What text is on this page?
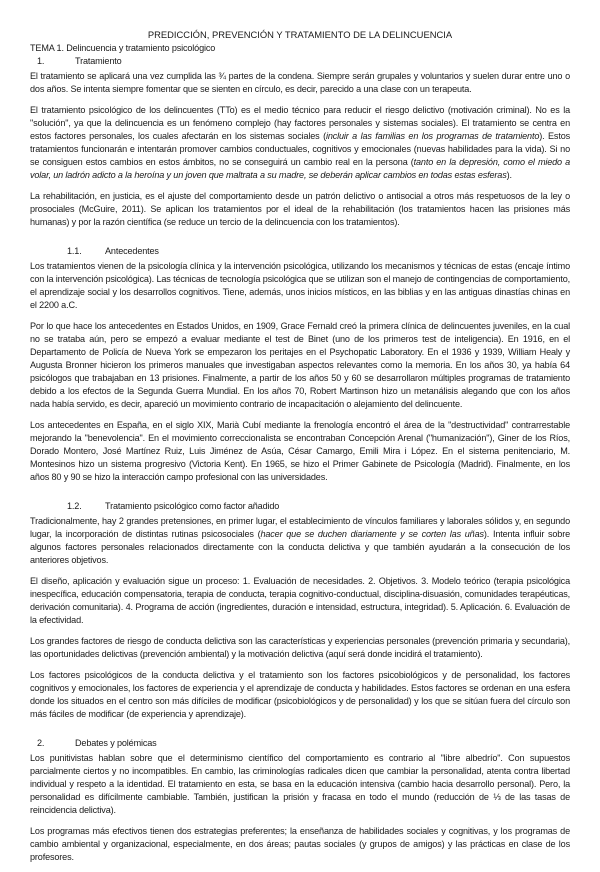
PREDICCIÓN, PREVENCIÓN Y TRATAMIENTO DE LA DELINCUENCIA
TEMA 1. Delincuencia y tratamiento psicológico
1.	Tratamiento

El tratamiento se aplicará una vez cumplida las ¾ partes de la condena. Siempre serán grupales y voluntarios y suelen durar entre uno o dos años. Se intenta siempre fomentar que se sienten en círculo, es decir, parecido a una clase con un terapeuta.

El tratamiento psicológico de los delincuentes (TTo) es el medio técnico para reducir el riesgo delictivo (motivación criminal). No es la "solución", ya que la delincuencia es un fenómeno complejo (hay factores personales y sistemas sociales). El tratamiento se centra en estos factores personales, los cuales afectarán en los sistemas sociales (incluir a las familias en los programas de tratamiento). Estos tratamientos funcionarán e intentarán promover cambios conductuales, cognitivos y emocionales (nuevas habilidades para la vida). Si no se consiguen estos cambios en estos ámbitos, no se conseguirá un cambio real en la persona (tanto en la depresión, como el miedo a volar, un ladrón adicto a la heroína y un joven que maltrata a su madre, se deberán aplicar cambios en todas estas esferas).

La rehabilitación, en justicia, es el ajuste del comportamiento desde un patrón delictivo o antisocial a otros más respetuosos de la ley o prosociales (McGuire, 2011). Se aplican los tratamientos por el ideal de la rehabilitación (los tratamientos hacen las prisiones más humanas) y por la razón científica (se reduce un tercio de la delincuencia con los tratamientos).

1.1.	Antecedentes

Los tratamientos vienen de la psicología clínica y la intervención psicológica, utilizando los mecanismos y técnicas de estas (encaje íntimo con la intervención psicológica). Las técnicas de tecnología psicológica que se utilizan son el manejo de contingencias de comportamiento, el aprendizaje social y los desarrollos cognitivos. Tiene, además, unos inicios místicos, en las biblias y en las antiguas dinastías chinas en el 2200 a.C.

Por lo que hace los antecedentes en Estados Unidos, en 1909, Grace Fernald creó la primera clínica de delincuentes juveniles, en la cual no se trataba aún, pero se empezó a evaluar mediante el test de Binet (uno de los primeros test de inteligencia). En 1916, en el Departamento de Policía de Nueva York se empezaron los peritajes en el Psychopatic Laboratory. En el 1936 y 1939, William Healy y Augusta Bronner hicieron los primeros manuales que investigaban aspectos relevantes como la memoria. En los años 30, ya había 64 psicólogos que trabajaban en 13 prisiones. Finalmente, a partir de los años 50 y 60 se desarrollaron múltiples programas de tratamiento debido a los efectos de la Segunda Guerra Mundial. En los años 70, Robert Martinson hizo un metanálisis alegando que con los años nada había servido, es decir, apareció un movimiento contrario de incapacitación o alejamiento del delincuente.

Los antecedentes en España, en el siglo XIX, Marià Cubí mediante la frenología encontró el área de la "destructividad" contrarrestable mejorando la "benevolencia". En el movimiento correccionalista se encontraban Concepción Arenal ("humanización"), Giner de los Ríos, Dorado Montero, José Martínez Ruiz, Luis Jiménez de Asúa, César Camargo, Emili Mira i López. En el sistema penitenciario, M. Montesinos hizo un sistema progresivo (Victoria Kent). En 1965, se hizo el Primer Gabinete de Psicología (Madrid). Finalmente, en los años 80 y 90 se hizo la interacción campo profesional con las universidades.

1.2.	Tratamiento psicológico como factor añadido

Tradicionalmente, hay 2 grandes pretensiones, en primer lugar, el establecimiento de vínculos familiares y laborales sólidos y, en segundo lugar, la incorporación de distintas rutinas psicosociales (hacer que se duchen diariamente y se corten las uñas). Intenta influir sobre algunos factores personales relacionados directamente con la conducta delictiva y que también ayudarán a la consecución de los anteriores objetivos.

El diseño, aplicación y evaluación sigue un proceso: 1. Evaluación de necesidades. 2. Objetivos. 3. Modelo teórico (terapia psicológica inespecífica, educación compensatoria, terapia de conducta, terapia cognitivo-conductual, disciplina-disuasión, comunidades terapéuticas, derivación comunitaria). 4. Programa de acción (ingredientes, duración e intensidad, estructura, integridad). 5. Aplicación. 6. Evaluación de la efectividad.

Los grandes factores de riesgo de conducta delictiva son las características y experiencias personales (prevención primaria y secundaria), las oportunidades delictivas (prevención ambiental) y la motivación delictiva (aquí será donde incidirá el tratamiento).

Los factores psicológicos de la conducta delictiva y el tratamiento son los factores psicobiológicos y de personalidad, los factores cognitivos y emocionales, los factores de experiencia y el aprendizaje de conducta y habilidades. Estos factores se ordenan en una esfera donde los situados en el centro son más difíciles de modificar (psicobiológicos y de personalidad) y los que se sitúan fuera del círculo son más fáciles de modificar (de experiencia y aprendizaje).

2.	Debates y polémicas

Los punitivistas hablan sobre que el determinismo científico del comportamiento es contrario al "libre albedrío". Con supuestos parcialmente ciertos y no incompatibles. En cambio, las criminologías radicales dicen que cambiar la personalidad, atenta contra libertad individual y respeto a la identidad. El tratamiento en esta, se basa en la educación intensiva (cambio hacia desarrollo personal). Pero, la personalidad es difícilmente cambiable. También, justifican la prisión y fracasa en todo el mundo (reducción de ⅓ de las tasas de reincidencia delictiva).

Los programas más efectivos tienen dos estrategias preferentes; la enseñanza de habilidades sociales y cognitivas, y los programas de cambio ambiental y organizacional, especialmente, en dos áreas; pautas sociales (y grupos de amigos) y las prácticas en clase de los profesores.
